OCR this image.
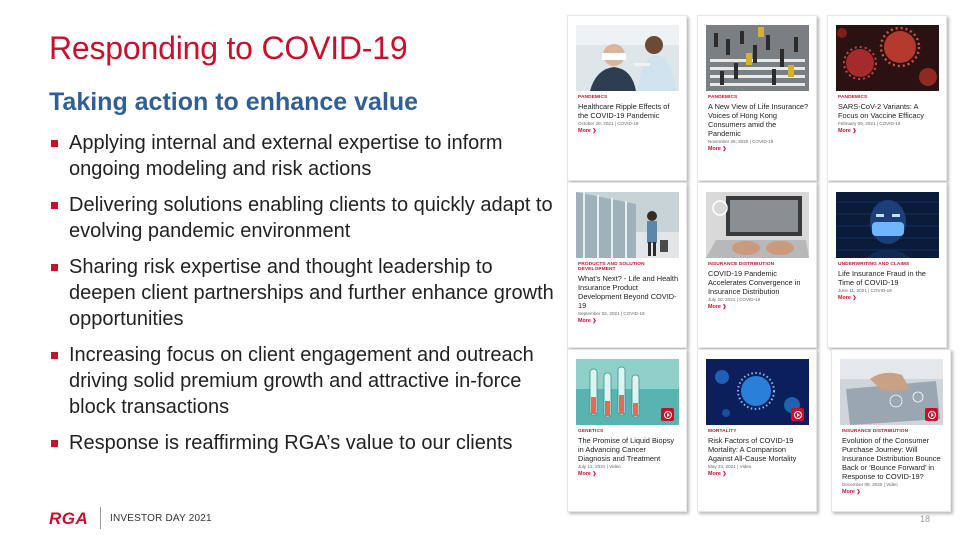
Responding to COVID-19
Taking action to enhance value
Applying internal and external expertise to inform ongoing modeling and risk actions
Delivering solutions enabling clients to quickly adapt to evolving pandemic environment
Sharing risk expertise and thought leadership to deepen client partnerships and further enhance growth opportunities
Increasing focus on client engagement and outreach driving solid premium growth and attractive in-force block transactions
Response is reaffirming RGA’s value to our clients
PANDEMICS
Healthcare Ripple Effects of the COVID-19 Pandemic
October 29, 2021 | COVID-19
More ❯
PANDEMICS
A New View of Life Insurance? Voices of Hong Kong Consumers amid the Pandemic
November 25, 2020 | COVID-19
More ❯
PANDEMICS
SARS-CoV-2 Variants: A Focus on Vaccine Efficacy
February 09, 2021 | COVID-19
More ❯
PRODUCTS AND SOLUTION DEVELOPMENT
What’s Next? - Life and Health Insurance Product Development Beyond COVID-19
September 02, 2021 | COVID-19
More ❯
INSURANCE DISTRIBUTION
COVID-19 Pandemic Accelerates Convergence in Insurance Distribution
July 20, 2021 | COVID-19
More ❯
UNDERWRITING AND CLAIMS
Life Insurance Fraud in the Time of COVID-19
June 11, 2021 | COVID-19
More ❯
GENETICS
The Promise of Liquid Biopsy in Advancing Cancer Diagnosis and Treatment
July 12, 2021 | Video
More ❯
MORTALITY
Risk Factors of COVID-19 Mortality: A Comparison Against All-Cause Mortality
May 24, 2021 | Video
More ❯
INSURANCE DISTRIBUTION
Evolution of the Consumer Purchase Journey: Will Insurance Distribution Bounce Back or ‘Bounce Forward’ in Response to COVID-19?
December 08, 2020 | Video
More ❯
RGA INVESTOR DAY 2021	18
